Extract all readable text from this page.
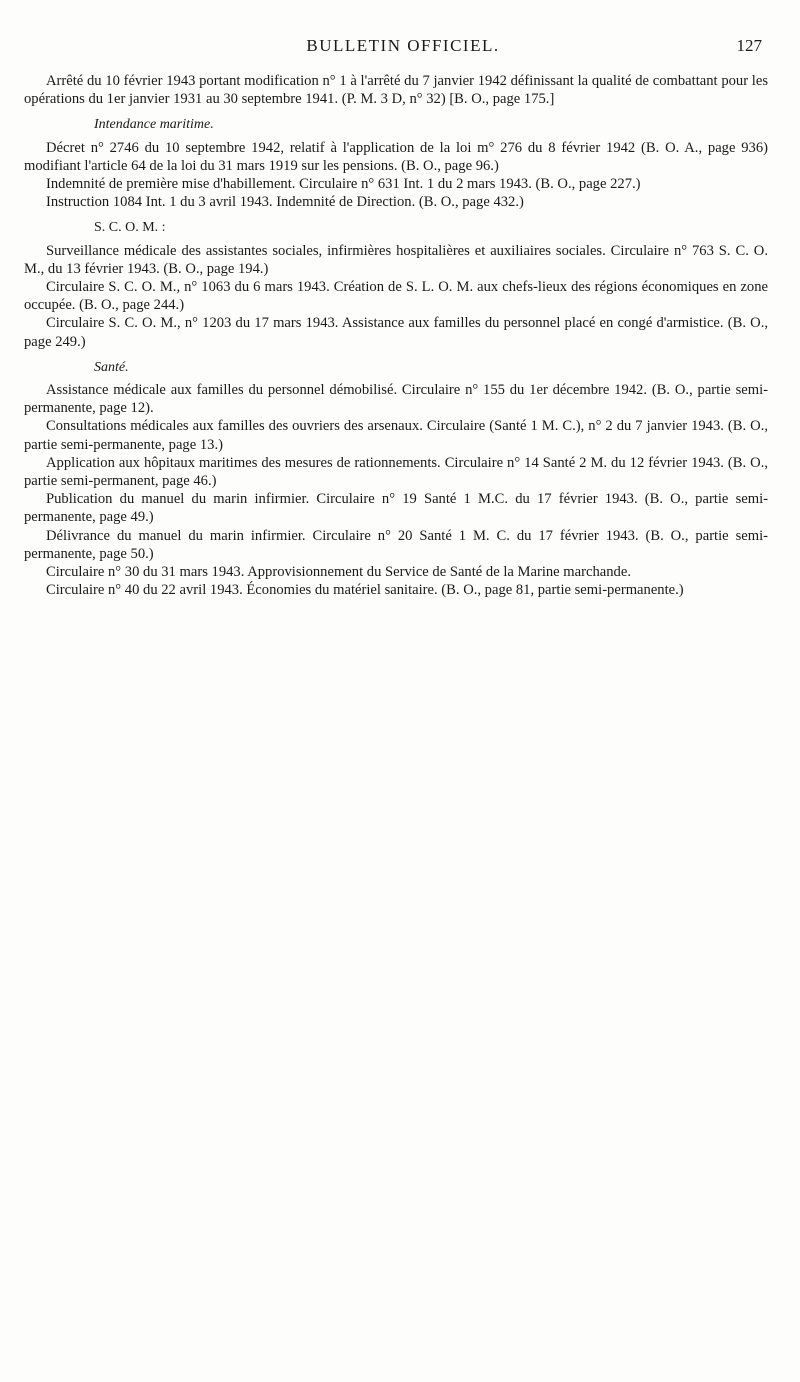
BULLETIN OFFICIEL.	127

Arrêté du 10 février 1943 portant modification n° 1 à l'arrêté du 7 janvier 1942 définissant la qualité de combattant pour les opérations du 1er janvier 1931 au 30 septembre 1941. (P. M. 3 D, n° 32) [B. O., page 175.]

Intendance maritime.

Décret n° 2746 du 10 septembre 1942, relatif à l'application de la loi m° 276 du 8 février 1942 (B. O. A., page 936) modifiant l'article 64 de la loi du 31 mars 1919 sur les pensions. (B. O., page 96.)

Indemnité de première mise d'habillement. Circulaire n° 631 Int. 1 du 2 mars 1943. (B. O., page 227.)

Instruction 1084 Int. 1 du 3 avril 1943. Indemnité de Direction. (B. O., page 432.)

S. C. O. M. :

Surveillance médicale des assistantes sociales, infirmières hospitalières et auxiliaires sociales. Circulaire n° 763 S. C. O. M., du 13 février 1943. (B. O., page 194.)

Circulaire S. C. O. M., n° 1063 du 6 mars 1943. Création de S. L. O. M. aux chefs-lieux des régions économiques en zone occupée. (B. O., page 244.)

Circulaire S. C. O. M., n° 1203 du 17 mars 1943. Assistance aux familles du personnel placé en congé d'armistice. (B. O., page 249.)

Santé.

Assistance médicale aux familles du personnel démobilisé. Circulaire n° 155 du 1er décembre 1942. (B. O., partie semi-permanente, page 12).

Consultations médicales aux familles des ouvriers des arsenaux. Circulaire (Santé 1 M. C.), n° 2 du 7 janvier 1943. (B. O., partie semi-permanente, page 13.)

Application aux hôpitaux maritimes des mesures de rationnements. Circulaire n° 14 Santé 2 M. du 12 février 1943. (B. O., partie semi-permanent, page 46.)

Publication du manuel du marin infirmier. Circulaire n° 19 Santé 1 M.C. du 17 février 1943. (B. O., partie semi-permanente, page 49.)

Délivrance du manuel du marin infirmier. Circulaire n° 20 Santé 1 M. C. du 17 février 1943. (B. O., partie semi-permanente, page 50.)

Circulaire n° 30 du 31 mars 1943. Approvisionnement du Service de Santé de la Marine marchande.

Circulaire n° 40 du 22 avril 1943. Économies du matériel sanitaire. (B. O., page 81, partie semi-permanente.)
